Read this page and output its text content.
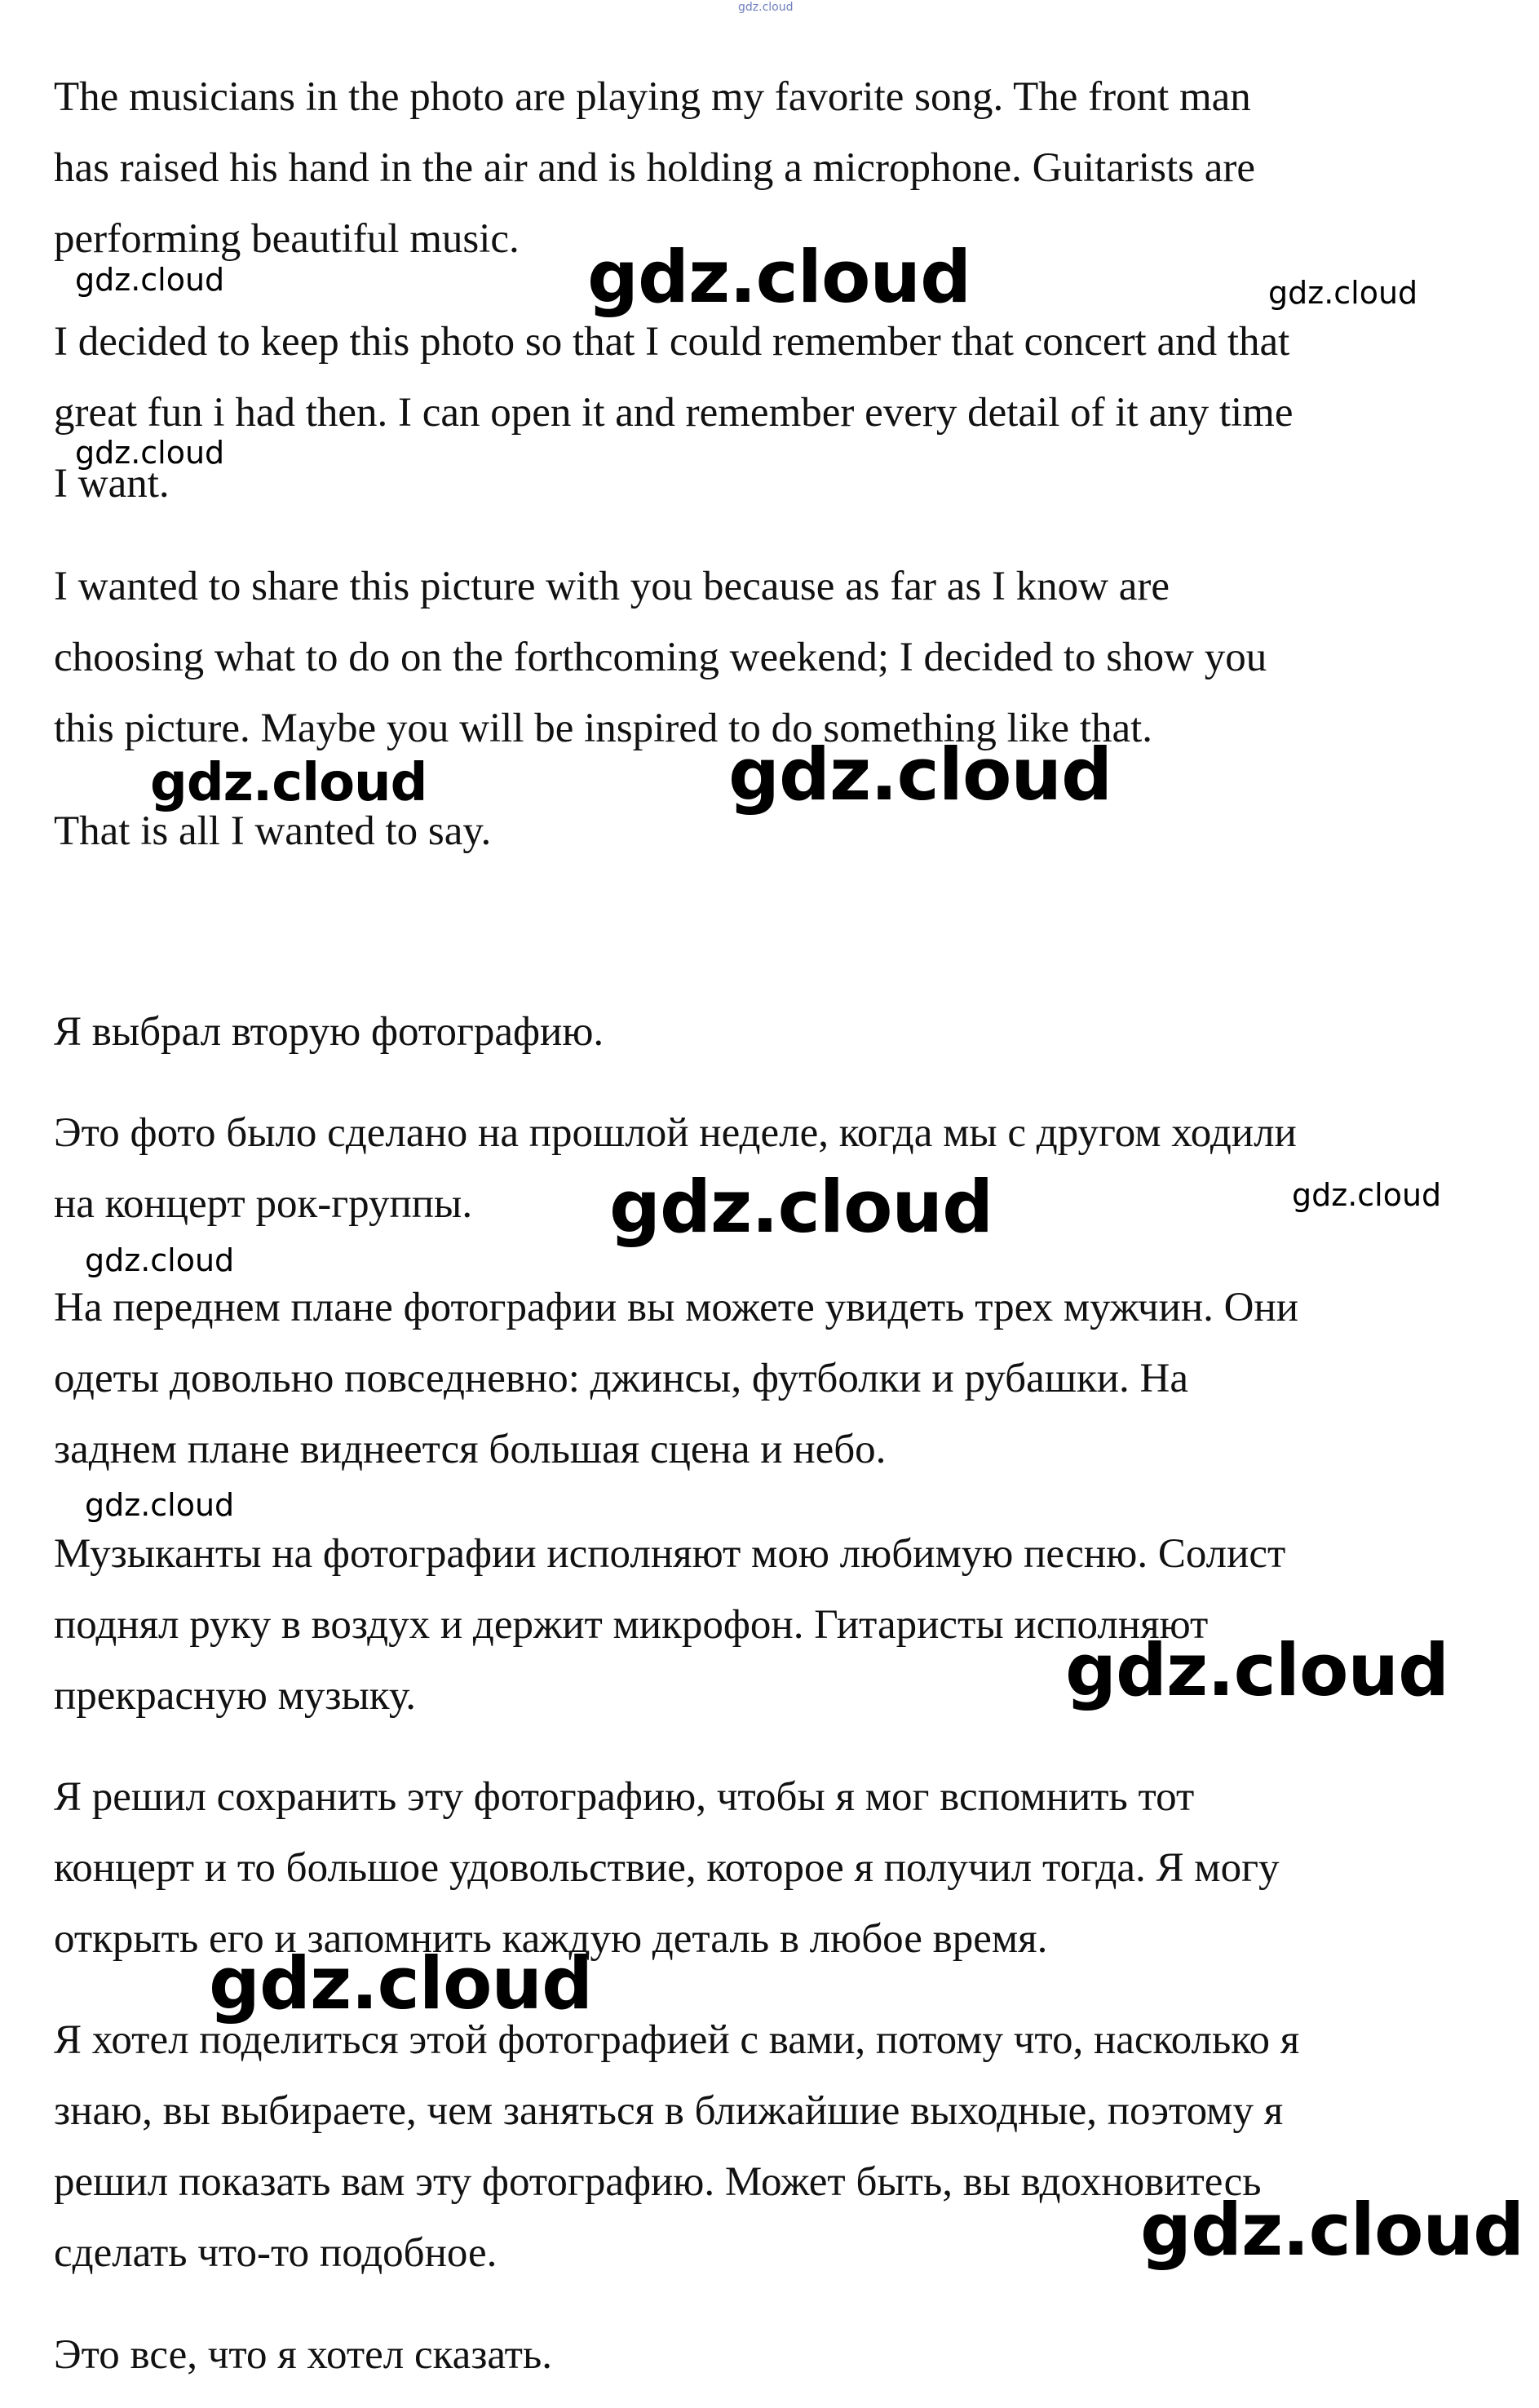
The musicians in the photo are playing my favorite song. The front man
has raised his hand in the air and is holding a microphone. Guitarists are
performing beautiful music.

I decided to keep this photo so that I could remember that concert and that
great fun i had then. I can open it and remember every detail of it any time
I want.

I wanted to share this picture with you because as far as I know are
choosing what to do on the forthcoming weekend; I decided to show you
this picture. Maybe you will be inspired to do something like that.

That is all I wanted to say.

Я выбрал вторую фотографию.

Это фото было сделано на прошлой неделе, когда мы с другом ходили
на концерт рок-группы.

На переднем плане фотографии вы можете увидеть трех мужчин. Они
одеты довольно повседневно: джинсы, футболки и рубашки. На
заднем плане виднеется большая сцена и небо.

Музыканты на фотографии исполняют мою любимую песню. Солист
поднял руку в воздух и держит микрофон. Гитаристы исполняют
прекрасную музыку.

Я решил сохранить эту фотографию, чтобы я мог вспомнить тот
концерт и то большое удовольствие, которое я получил тогда. Я могу
открыть его и запомнить каждую деталь в любое время.

Я хотел поделиться этой фотографией с вами, потому что, насколько я
знаю, вы выбираете, чем заняться в ближайшие выходные, поэтому я
решил показать вам эту фотографию. Может быть, вы вдохновитесь
сделать что-то подобное.

Это все, что я хотел сказать.

gdz.cloud
gdz.cloud	gdz.cloud	gdz.cloud
gdz.cloud
gdz.cloud	gdz.cloud
gdz.cloud	gdz.cloud
gdz.cloud
gdz.cloud
gdz.cloud
gdz.cloud
gdz.cloud
